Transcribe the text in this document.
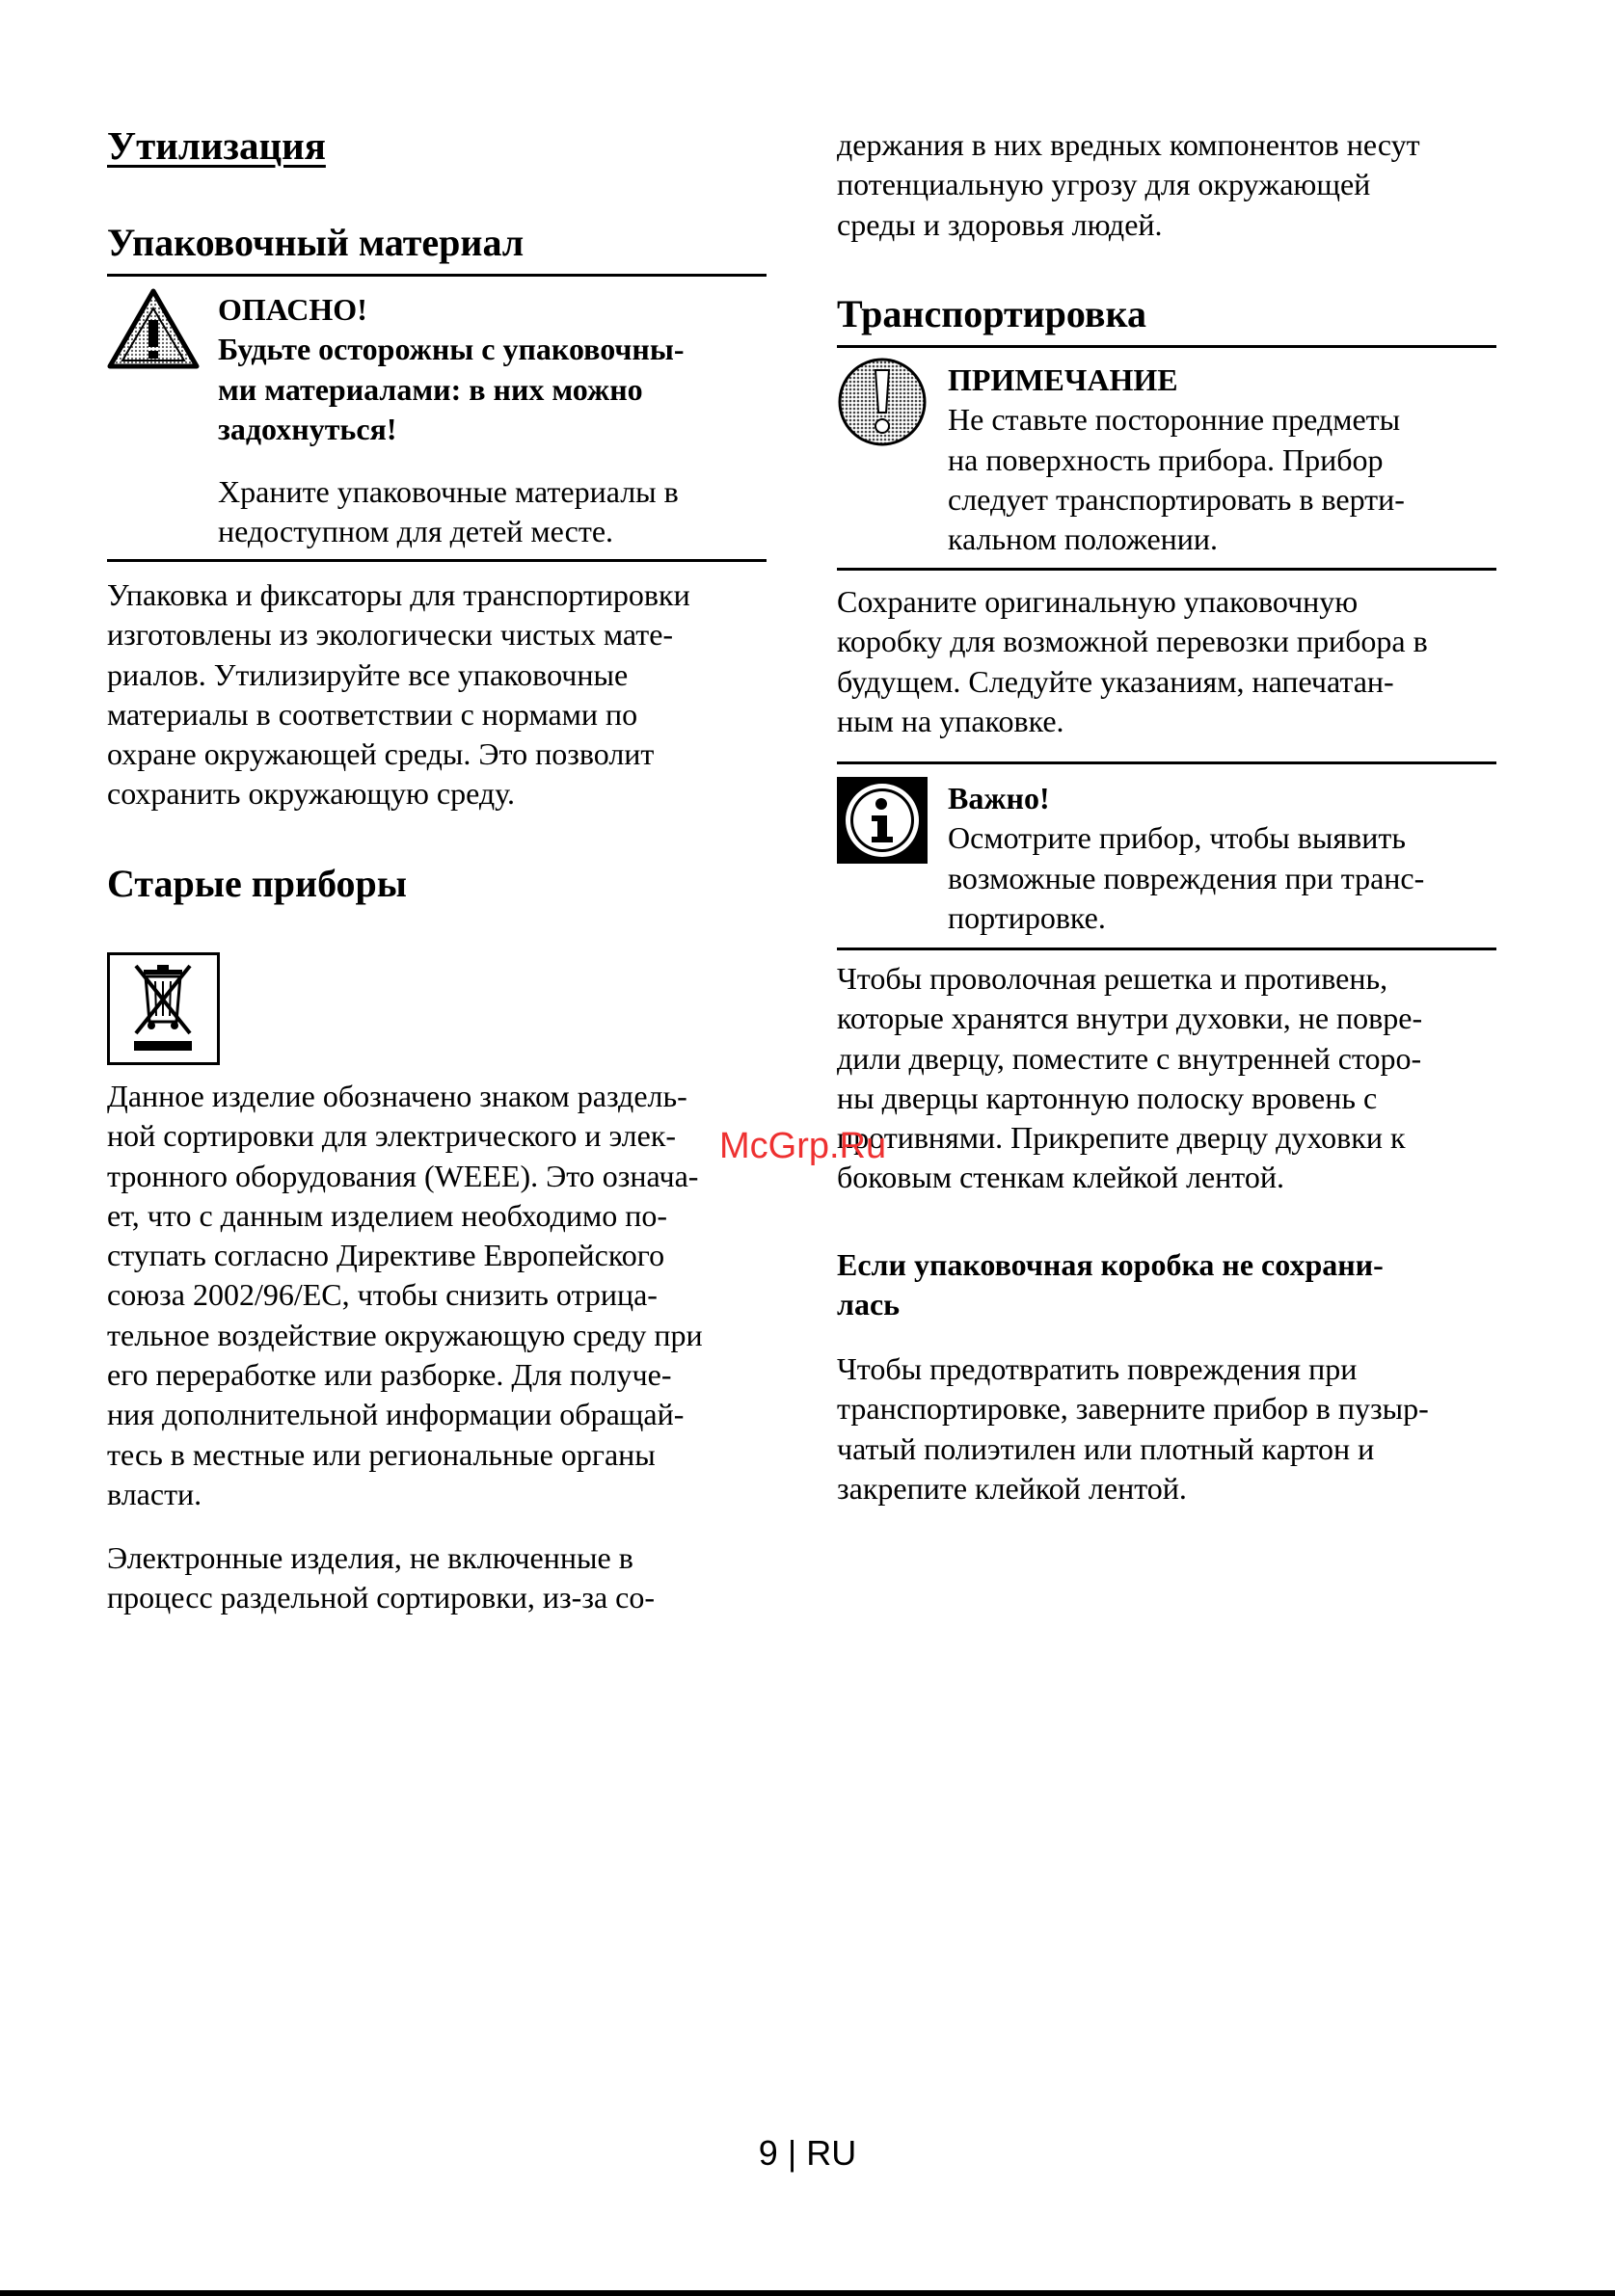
Утилизация
Упаковочный материал

ОПАСНО!

Будьте осторожны с упаковочны-

ми материалами: в них можно

задохнуться!

Храните упаковочные материалы в

недоступном для детей месте.

Упаковка и фиксаторы для транспортировки

изготовлены из экологически чистых мате-

риалов. Утилизируйте все упаковочные

материалы в соответствии с нормами по

охране окружающей среды. Это позволит

сохранить окружающую среду.

Старые приборы

Данное изделие обозначено знаком раздель-

ной сортировки для электрического и элек-

тронного оборудования (WEEE). Это означа-

ет, что с данным изделием необходимо по-

ступать согласно Директиве Европейского

союза 2002/96/ЕС, чтобы снизить отрица-

тельное воздействие окружающую среду при

его переработке или разборке. Для получе-

ния дополнительной информации обращай-

тесь в местные или региональные органы

власти.

Электронные изделия, не включенные в

процесс раздельной сортировки, из-за со-

держания в них вредных компонентов несут

потенциальную угрозу для окружающей

среды и здоровья людей.

Транспортировка

ПРИМЕЧАНИЕ

Не ставьте посторонние предметы

на поверхность прибора. Прибор

следует транспортировать в верти-

кальном положении.

Сохраните оригинальную упаковочную

коробку для возможной перевозки прибора в

будущем. Следуйте указаниям, напечатан-

ным на упаковке.

Важно!

Осмотрите прибор, чтобы выявить

возможные повреждения при транс-

портировке.

Чтобы проволочная решетка и противень,

которые хранятся внутри духовки, не повре-

дили дверцу, поместите с внутренней сторо-

ны дверцы картонную полоску вровень с

противнями. Прикрепите дверцу духовки к

боковым стенкам клейкой лентой.

Если упаковочная коробка не сохрани-

лась

Чтобы предотвратить повреждения при

транспортировке, заверните прибор в пузыр-

чатый полиэтилен или плотный картон и

закрепите клейкой лентой.

McGrp.Ru
9 | RU
